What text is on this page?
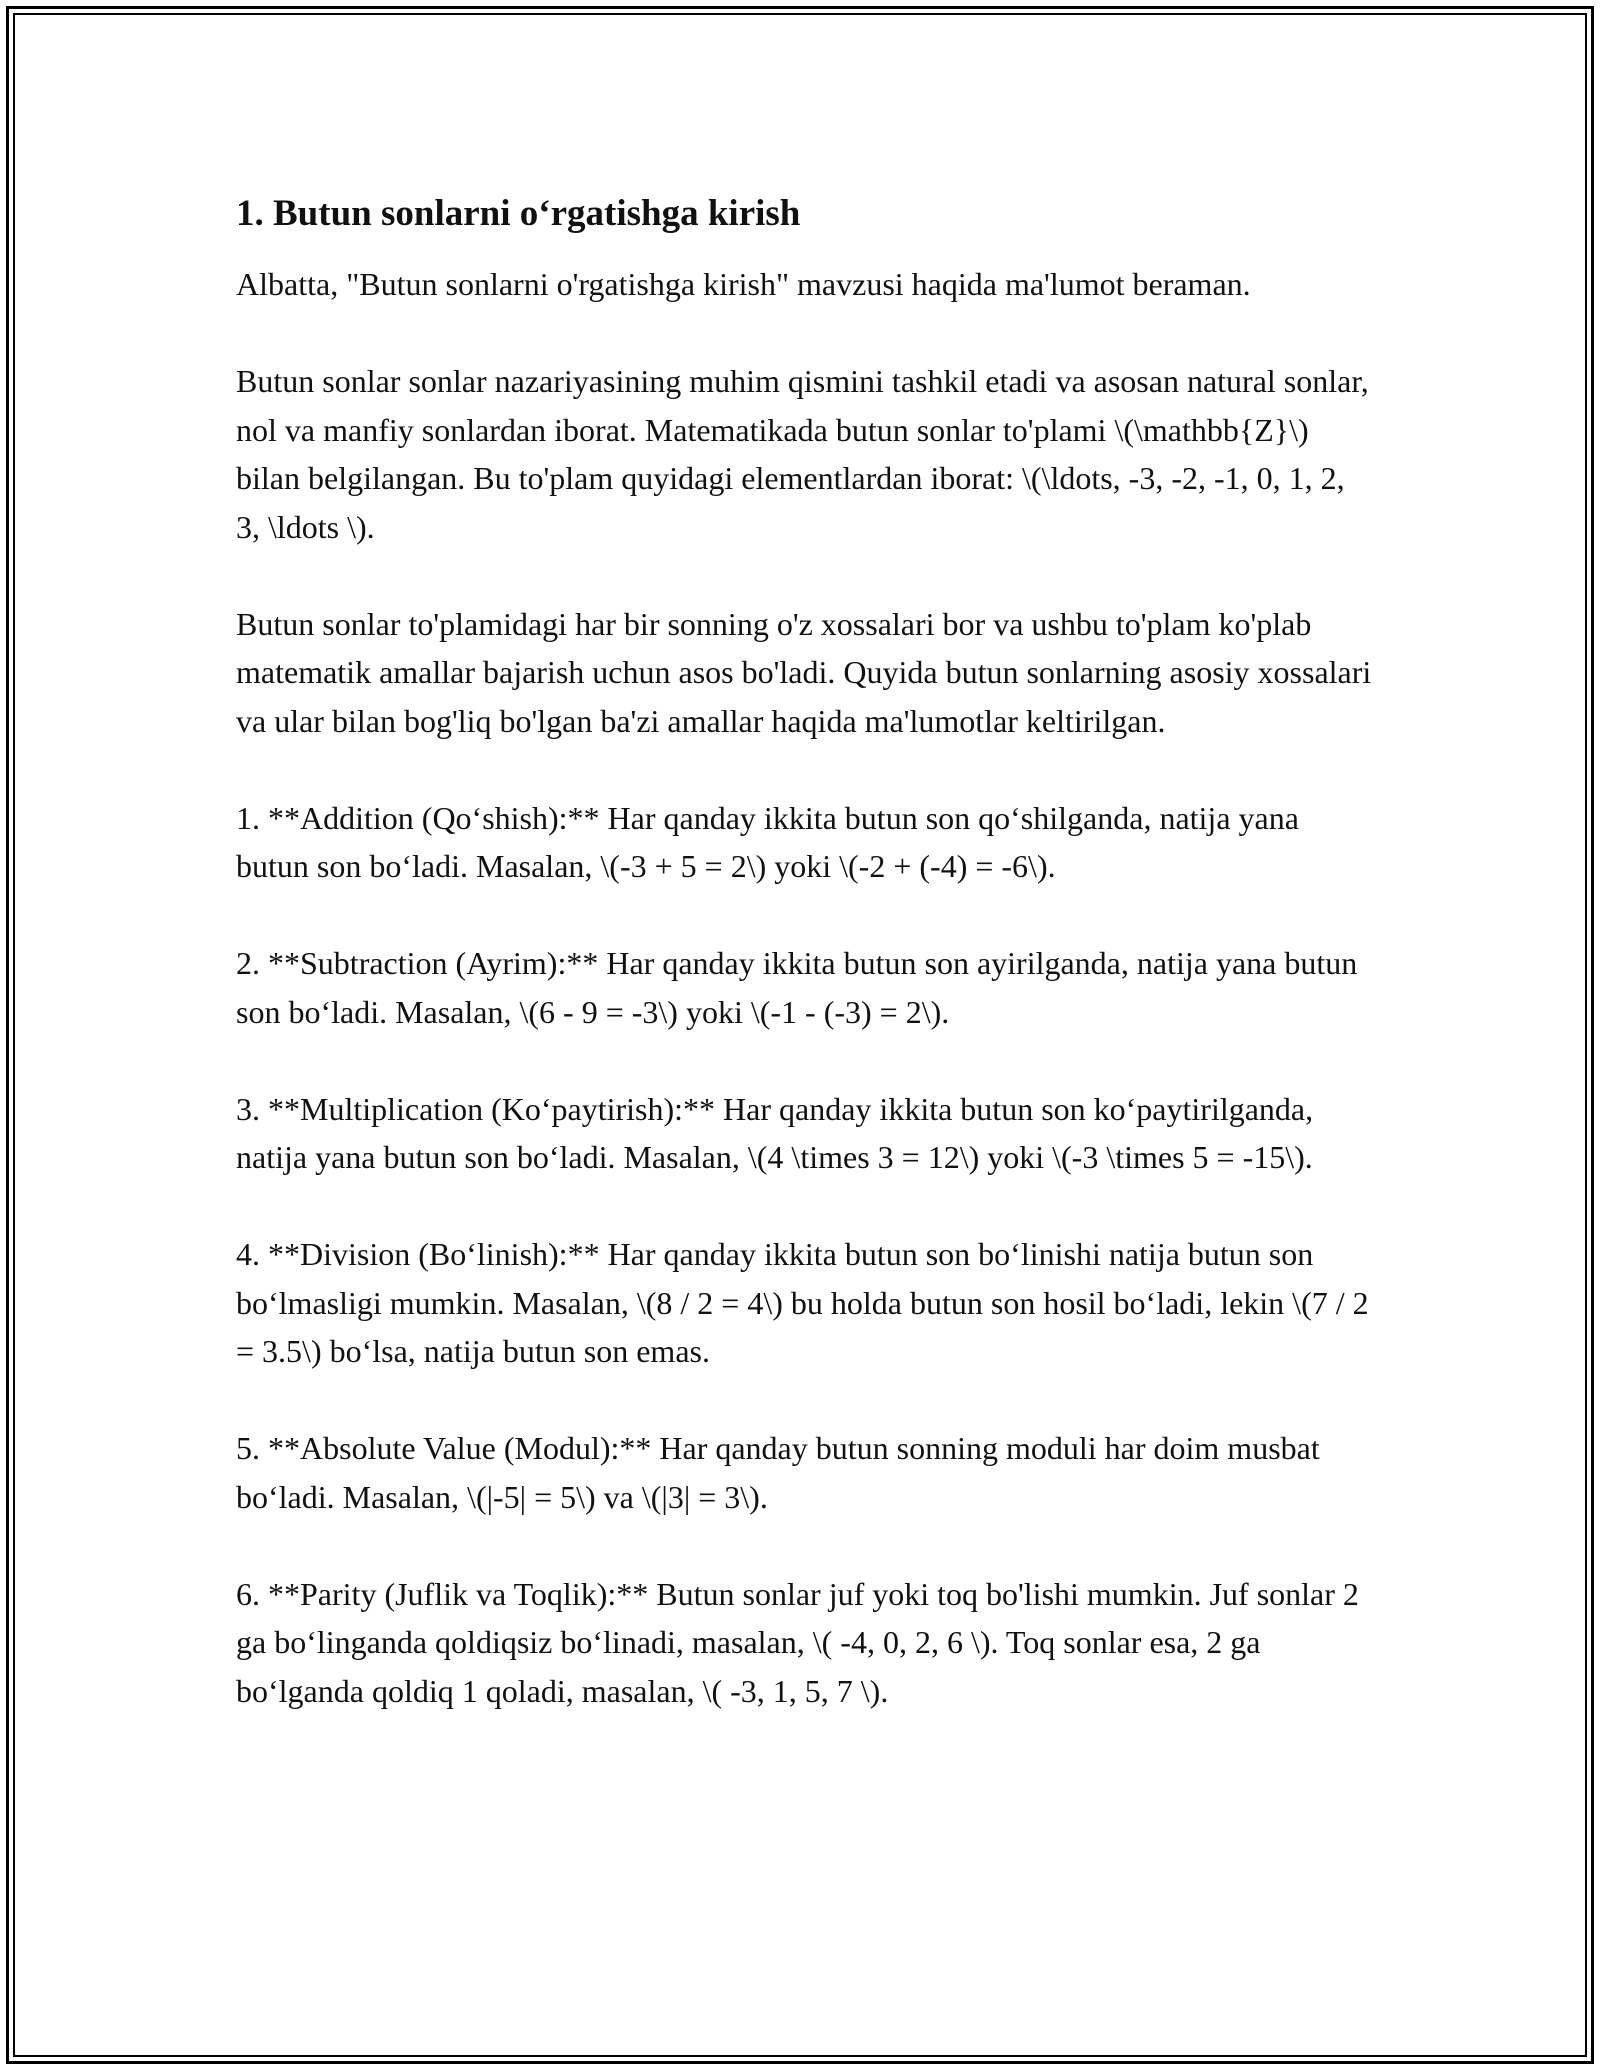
1. Butun sonlarni o‘rgatishga kirish

Albatta, "Butun sonlarni o'rgatishga kirish" mavzusi haqida ma'lumot beraman.

Butun sonlar sonlar nazariyasining muhim qismini tashkil etadi va asosan natural sonlar, nol va manfiy sonlardan iborat. Matematikada butun sonlar to'plami \(\mathbb{Z}\) bilan belgilangan. Bu to'plam quyidagi elementlardan iborat: \(\ldots, -3, -2, -1, 0, 1, 2, 3, \ldots \).

Butun sonlar to'plamidagi har bir sonning o'z xossalari bor va ushbu to'plam ko'plab matematik amallar bajarish uchun asos bo'ladi. Quyida butun sonlarning asosiy xossalari va ular bilan bog'liq bo'lgan ba'zi amallar haqida ma'lumotlar keltirilgan.

1. **Addition (Qo‘shish):** Har qanday ikkita butun son qo‘shilganda, natija yana butun son bo‘ladi. Masalan, \(-3 + 5 = 2\) yoki \(-2 + (-4) = -6\).

2. **Subtraction (Ayrim):** Har qanday ikkita butun son ayirilganda, natija yana butun son bo‘ladi. Masalan, \(6 - 9 = -3\) yoki \(-1 - (-3) = 2\).

3. **Multiplication (Ko‘paytirish):** Har qanday ikkita butun son ko‘paytirilganda, natija yana butun son bo‘ladi. Masalan, \(4 \times 3 = 12\) yoki \(-3 \times 5 = -15\).

4. **Division (Bo‘linish):** Har qanday ikkita butun son bo‘linishi natija butun son bo‘lmasligi mumkin. Masalan, \(8 / 2 = 4\) bu holda butun son hosil bo‘ladi, lekin \(7 / 2 = 3.5\) bo‘lsa, natija butun son emas.

5. **Absolute Value (Modul):** Har qanday butun sonning moduli har doim musbat bo‘ladi. Masalan, \(|-5| = 5\) va \(|3| = 3\).

6. **Parity (Juflik va Toqlik):** Butun sonlar juf yoki toq bo'lishi mumkin. Juf sonlar 2 ga bo‘linganda qoldiqsiz bo‘linadi, masalan, \( -4, 0, 2, 6 \). Toq sonlar esa, 2 ga bo‘lganda qoldiq 1 qoladi, masalan, \( -3, 1, 5, 7 \).
